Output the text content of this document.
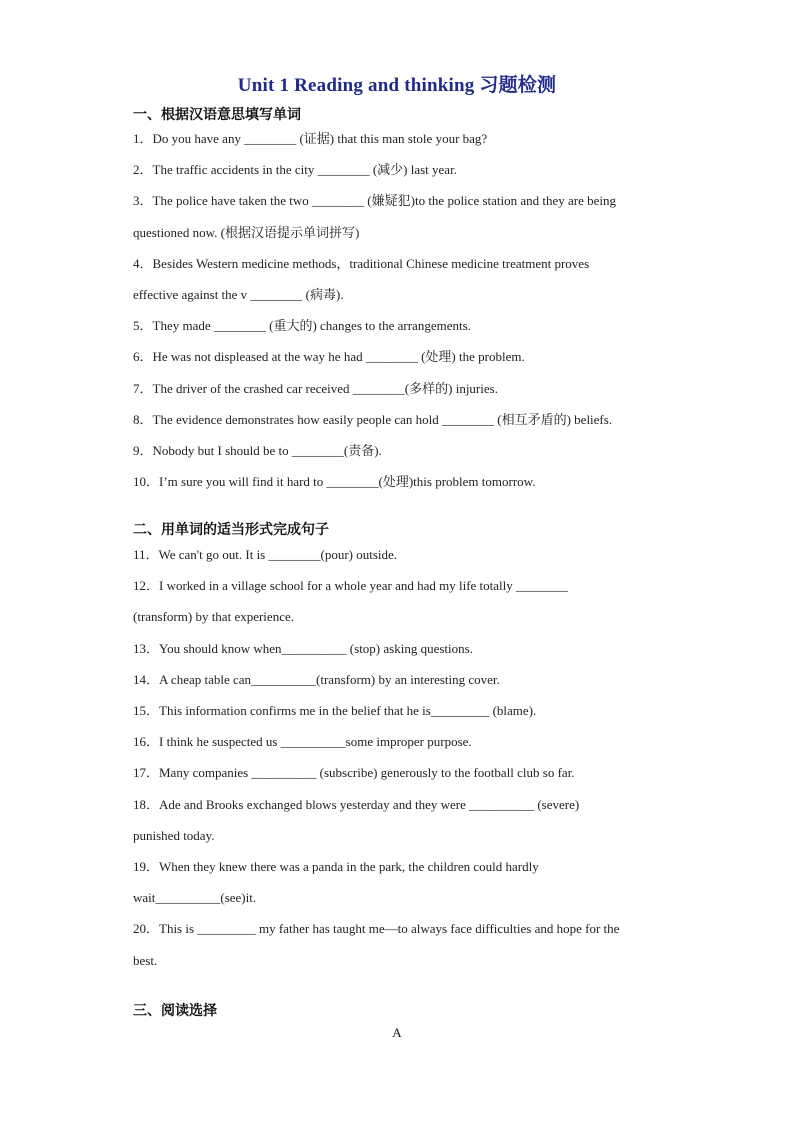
Unit 1 Reading and thinking 习题检测
一、根据汉语意思填写单词
1．Do you have any ________ (证据) that this man stole your bag?
2．The traffic accidents in the city ________ (减少) last year.
3．The police have taken the two ________ (嫌疑犯)to the police station and they are being
questioned now. (根据汉语提示单词拼写)
4．Besides Western medicine methods，traditional Chinese medicine treatment proves
effective against the v ________ (病毒).
5．They made ________ (重大的) changes to the arrangements.
6．He was not displeased at the way he had ________ (处理) the problem.
7．The driver of the crashed car received ________(多样的) injuries.
8．The evidence demonstrates how easily people can hold ________ (相互矛盾的) beliefs.
9．Nobody but I should be to ________(责备).
10．I’m sure you will find it hard to ________(处理)this problem tomorrow.
二、用单词的适当形式完成句子
11．We can't go out. It is ________(pour) outside.
12．I worked in a village school for a whole year and had my life totally ________
(transform) by that experience.
13．You should know when__________ (stop) asking questions.
14．A cheap table can__________(transform) by an interesting cover.
15．This information confirms me in the belief that he is_________ (blame).
16．I think he suspected us __________some improper purpose.
17．Many companies __________ (subscribe) generously to the football club so far.
18．Ade and Brooks exchanged blows yesterday and they were __________ (severe)
punished today.
19．When they knew there was a panda in the park, the children could hardly
wait__________(see)it.
20．This is _________ my father has taught me—to always face difficulties and hope for the
best.
三、阅读选择
A
